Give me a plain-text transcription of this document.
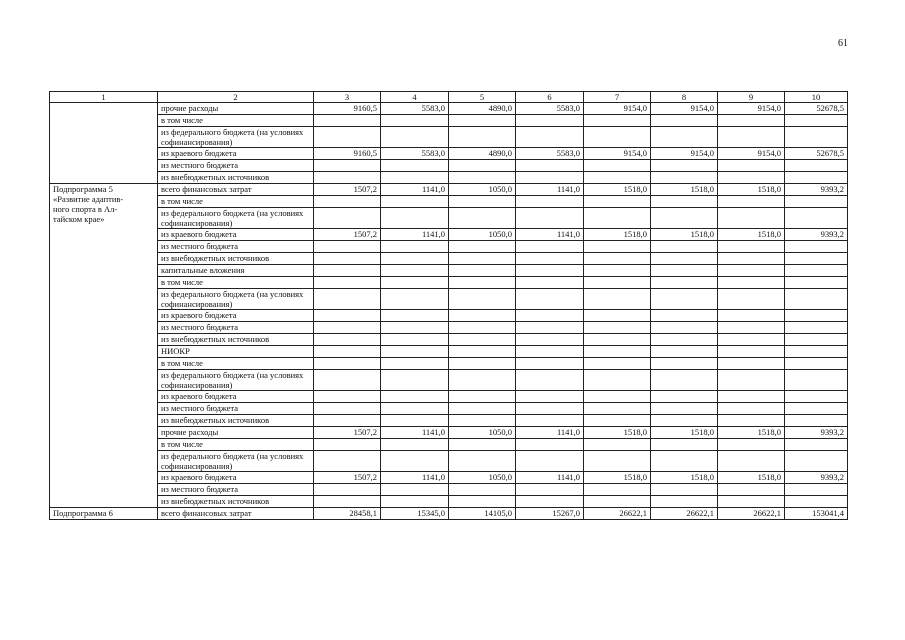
61
1	2	3	4	5	6	7	8	9	10
	прочие расходы	9160,5	5583,0	4890,0	5583,0	9154,0	9154,0	9154,0	52678,5
	в том числе								
	из федерального бюджета (на условиях софинансирования)								
	из краевого бюджета	9160,5	5583,0	4890,0	5583,0	9154,0	9154,0	9154,0	52678,5
	из местного бюджета								
	из внебюджетных источников								

Подпрограмма 5
«Развитие адаптив-
ного спорта в Ал-
тайском крае»	всего финансовых затрат	1507,2	1141,0	1050,0	1141,0	1518,0	1518,0	1518,0	9393,2
	в том числе								
	из федерального бюджета (на условиях софинансирования)								
	из краевого бюджета	1507,2	1141,0	1050,0	1141,0	1518,0	1518,0	1518,0	9393,2
	из местного бюджета								
	из внебюджетных источников								
	капитальные вложения								
	в том числе								
	из федерального бюджета (на условиях софинансирования)								
	из краевого бюджета								
	из местного бюджета								
	из внебюджетных источников								
	НИОКР								
	в том числе								
	из федерального бюджета (на условиях софинансирования)								
	из краевого бюджета								
	из местного бюджета								
	из внебюджетных источников								
	прочие расходы	1507,2	1141,0	1050,0	1141,0	1518,0	1518,0	1518,0	9393,2
	в том числе								
	из федерального бюджета (на условиях софинансирования)								
	из краевого бюджета	1507,2	1141,0	1050,0	1141,0	1518,0	1518,0	1518,0	9393,2
	из местного бюджета								
	из внебюджетных источников								

Подпрограмма 6	всего финансовых затрат	28458,1	15345,0	14105,0	15267,0	26622,1	26622,1	26622,1	153041,4
